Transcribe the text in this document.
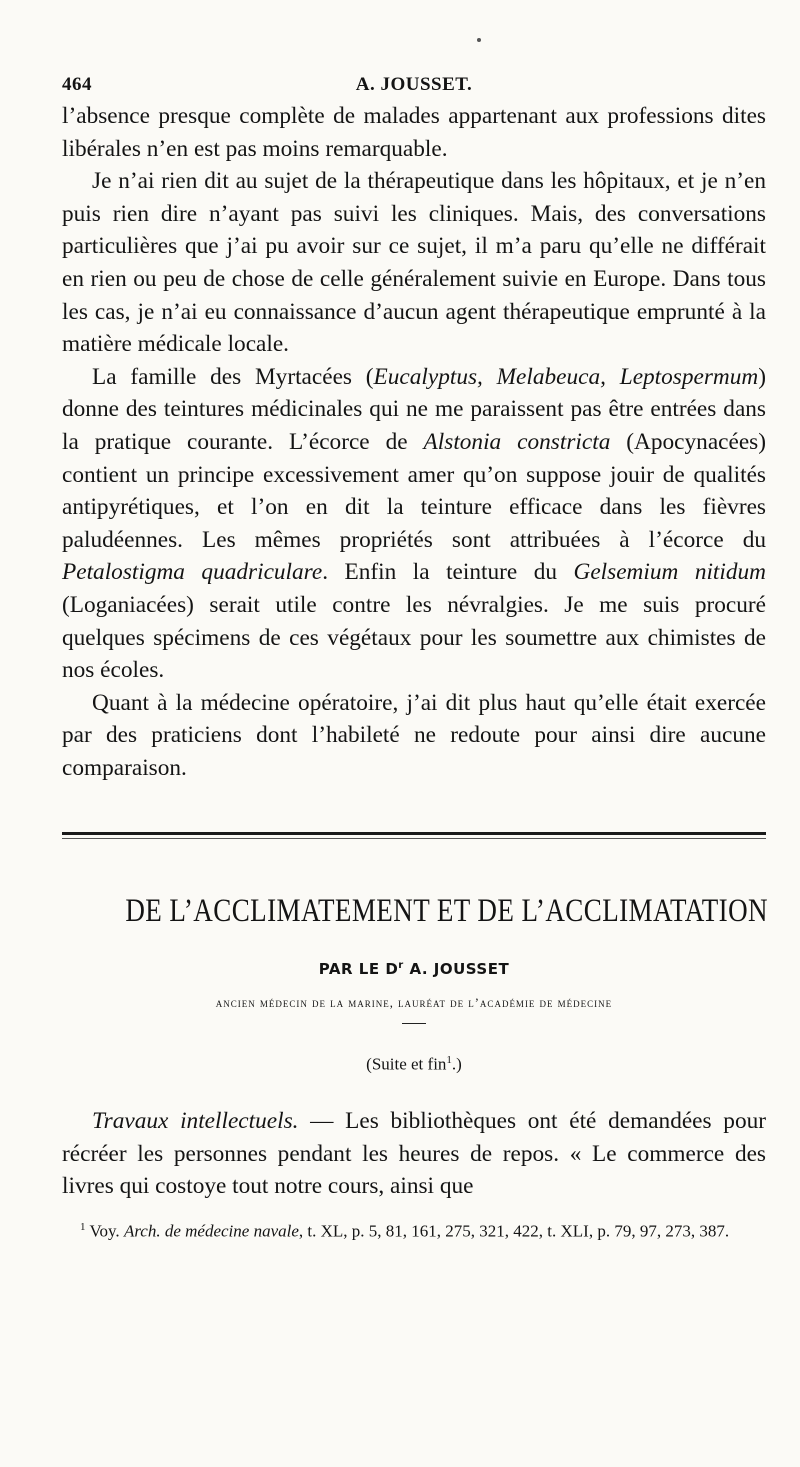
464	A. JOUSSET.

l’absence presque complète de malades appartenant aux professions dites libérales n’en est pas moins remarquable.

Je n’ai rien dit au sujet de la thérapeutique dans les hôpitaux, et je n’en puis rien dire n’ayant pas suivi les cliniques. Mais, des conversations particulières que j’ai pu avoir sur ce sujet, il m’a paru qu’elle ne différait en rien ou peu de chose de celle généralement suivie en Europe. Dans tous les cas, je n’ai eu connaissance d’aucun agent thérapeutique emprunté à la matière médicale locale.

La famille des Myrtacées (Eucalyptus, Melabeuca, Leptospermum) donne des teintures médicinales qui ne me paraissent pas être entrées dans la pratique courante. L’écorce de Alstonia constricta (Apocynacées) contient un principe excessivement amer qu’on suppose jouir de qualités antipyrétiques, et l’on en dit la teinture efficace dans les fièvres paludéennes. Les mêmes propriétés sont attribuées à l’écorce du Petalostigma quadriculare. Enfin la teinture du Gelsemium nitidum (Loganiacées) serait utile contre les névralgies. Je me suis procuré quelques spécimens de ces végétaux pour les soumettre aux chimistes de nos écoles.

Quant à la médecine opératoire, j’ai dit plus haut qu’elle était exercée par des praticiens dont l’habileté ne redoute pour ainsi dire aucune comparaison.

DE L’ACCLIMATEMENT ET DE L’ACCLIMATATION
PAR LE $D^r$ A. JOUSSET
ancien médecin de la marine, lauréat de l’académie de médecine
(Suite et fin$^1$.)

Travaux intellectuels. — Les bibliothèques ont été demandées pour récréer les personnes pendant les heures de repos. « Le commerce des livres qui costoye tout notre cours, ainsi que

$^1$ Voy. Arch. de médecine navale, t. XL, p. 5, 81, 161, 275, 321, 422, t. XLI, p. 79, 97, 273, 387.
